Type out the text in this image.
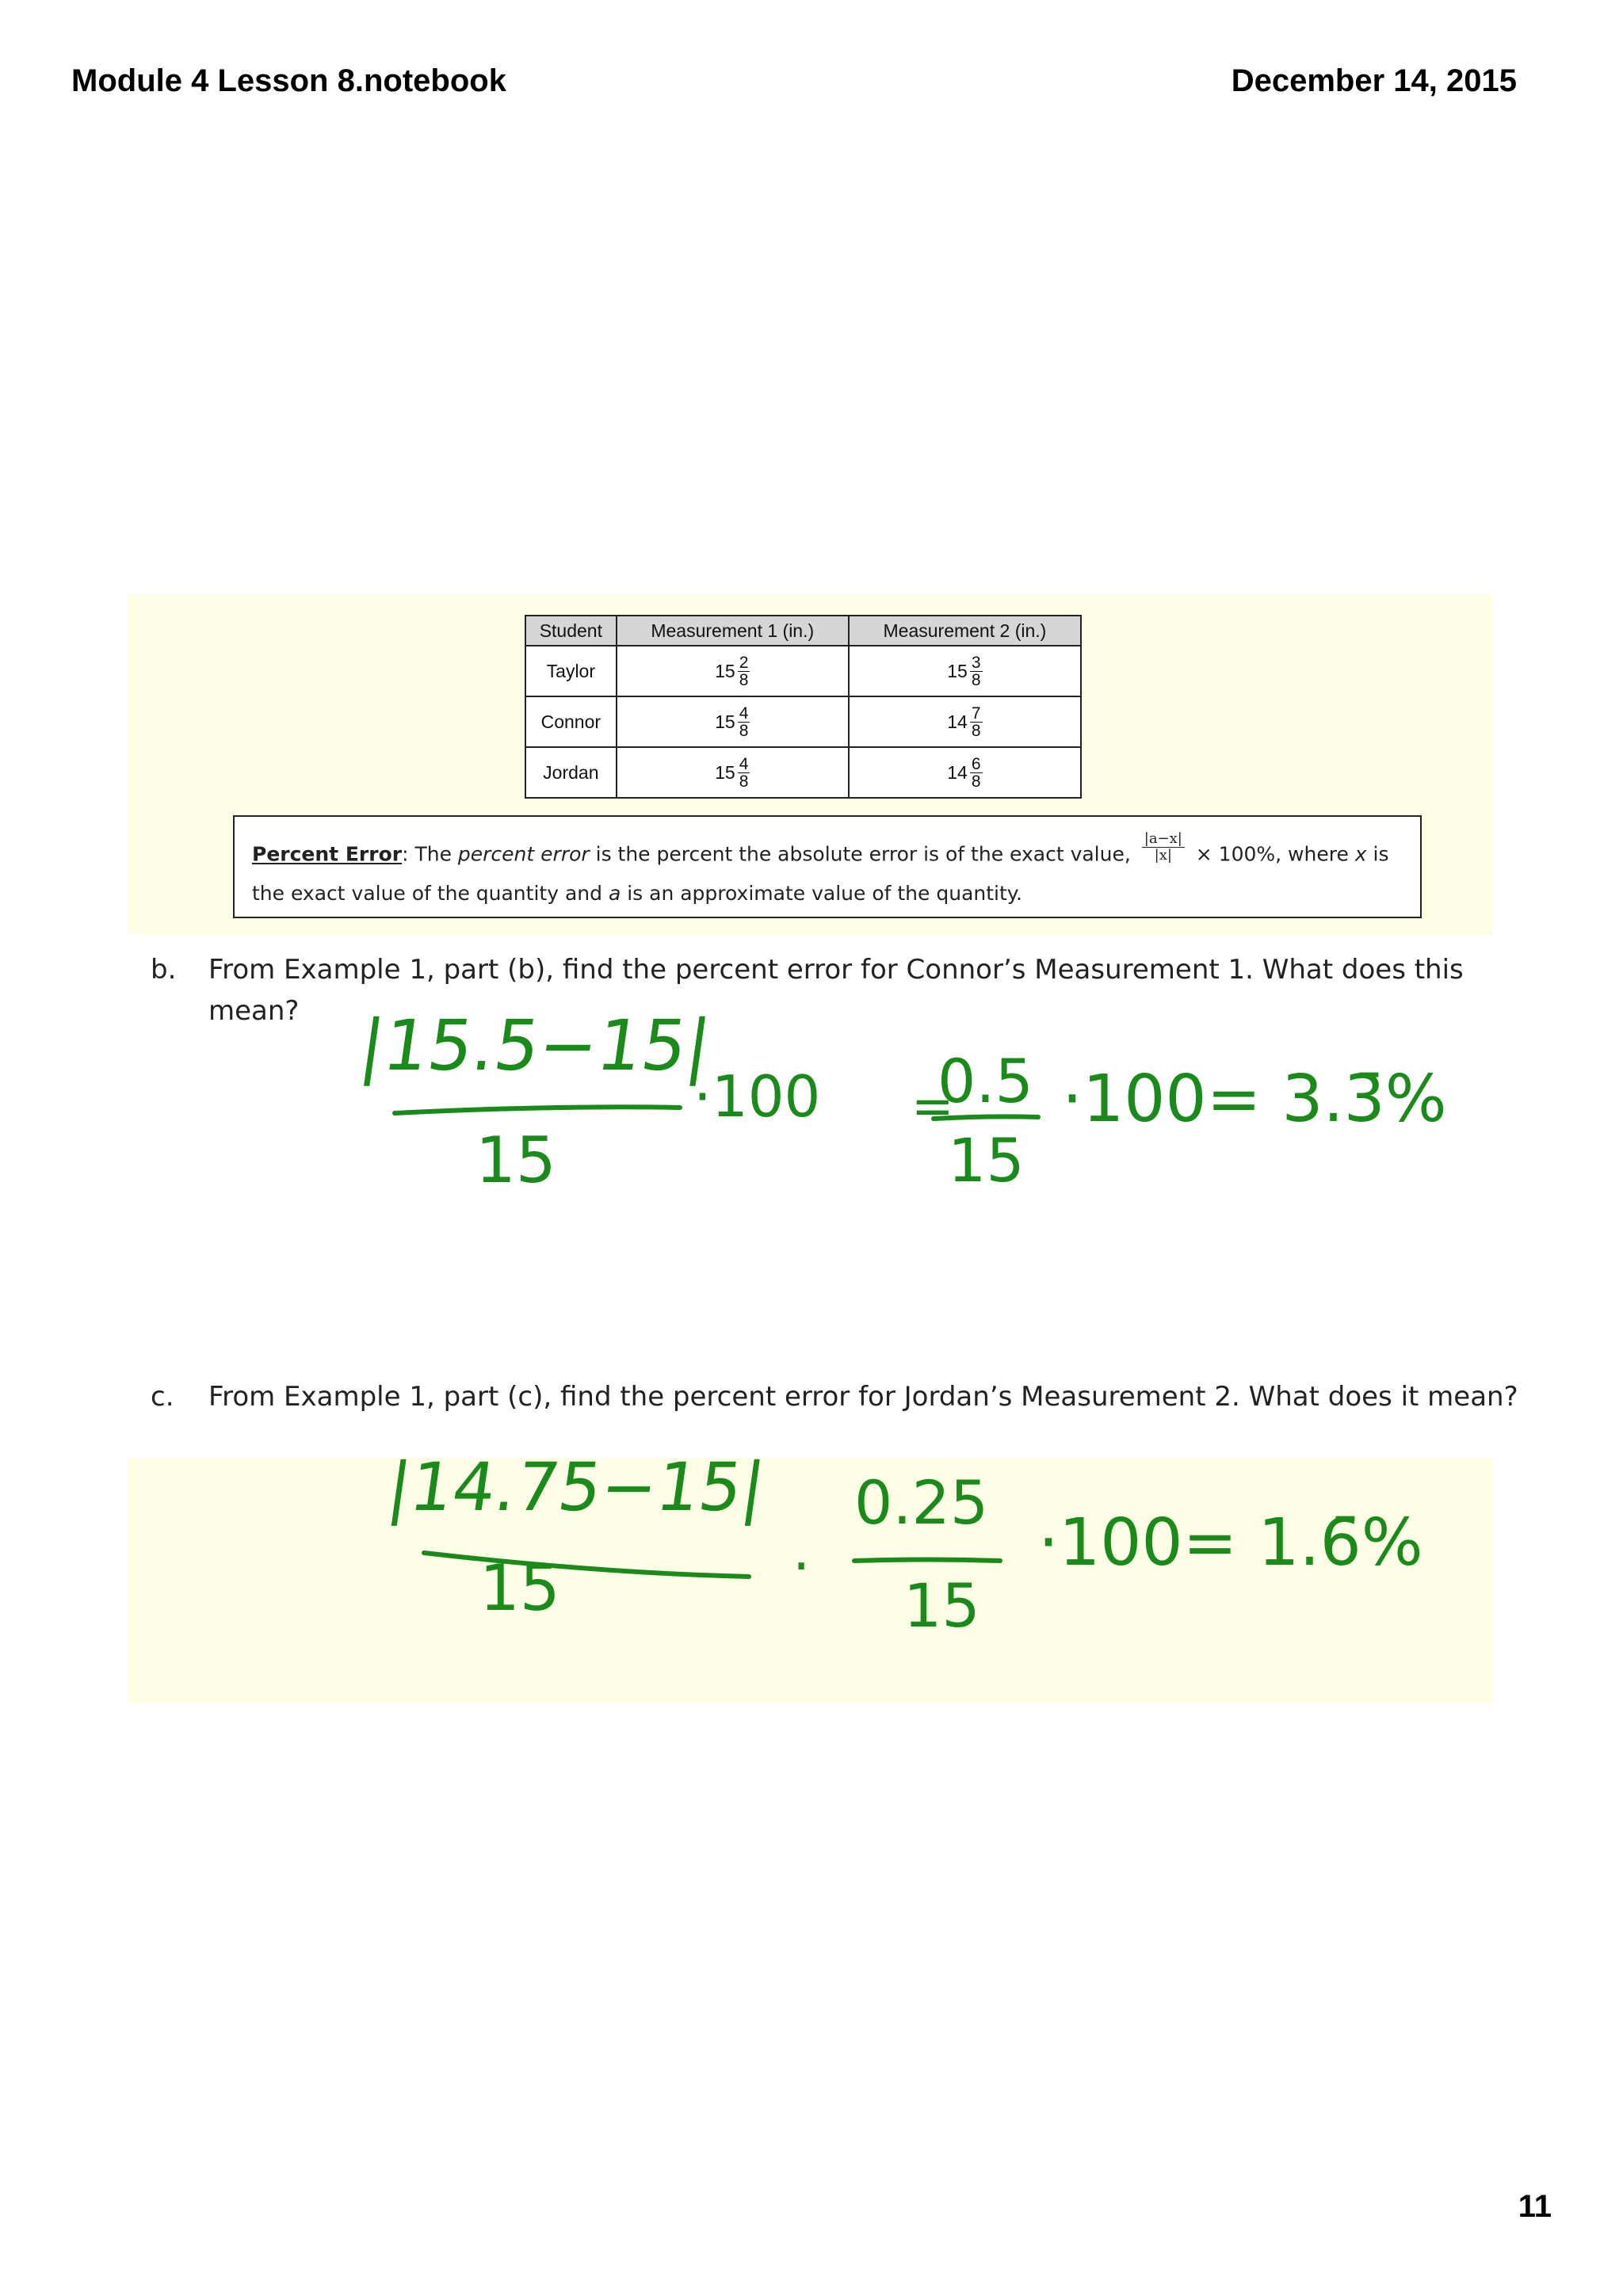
Module 4 Lesson 8.notebook	December 14, 2015
Student	Measurement 1 (in.)	Measurement 2 (in.)
Taylor	$15 \frac{2}{8}$	$15 \frac{3}{8}$

Connor	$15 \frac{4}{8}$	$14 \frac{7}{8}$

Jordan	$15 \frac{4}{8}$	$14 \frac{6}{8}$
Percent Error: The percent error is the percent the absolute error is of the exact value, $\frac{|a-x|}{|x|} \times 100\%$, where x is
the exact value of the quantity and a is an approximate value of the quantity.
b. From Example 1, part (b), find the percent error for Connor’s Measurement 1. What does this
mean?
c. From Example 1, part (c), find the percent error for Jordan’s Measurement 2. What does it mean?
|15.5−15|
15
·100 =
0.5
15
·100= 3.3̄%
|14.75−15|
15	·
0.25
15
·100= 1.6̄%
11
